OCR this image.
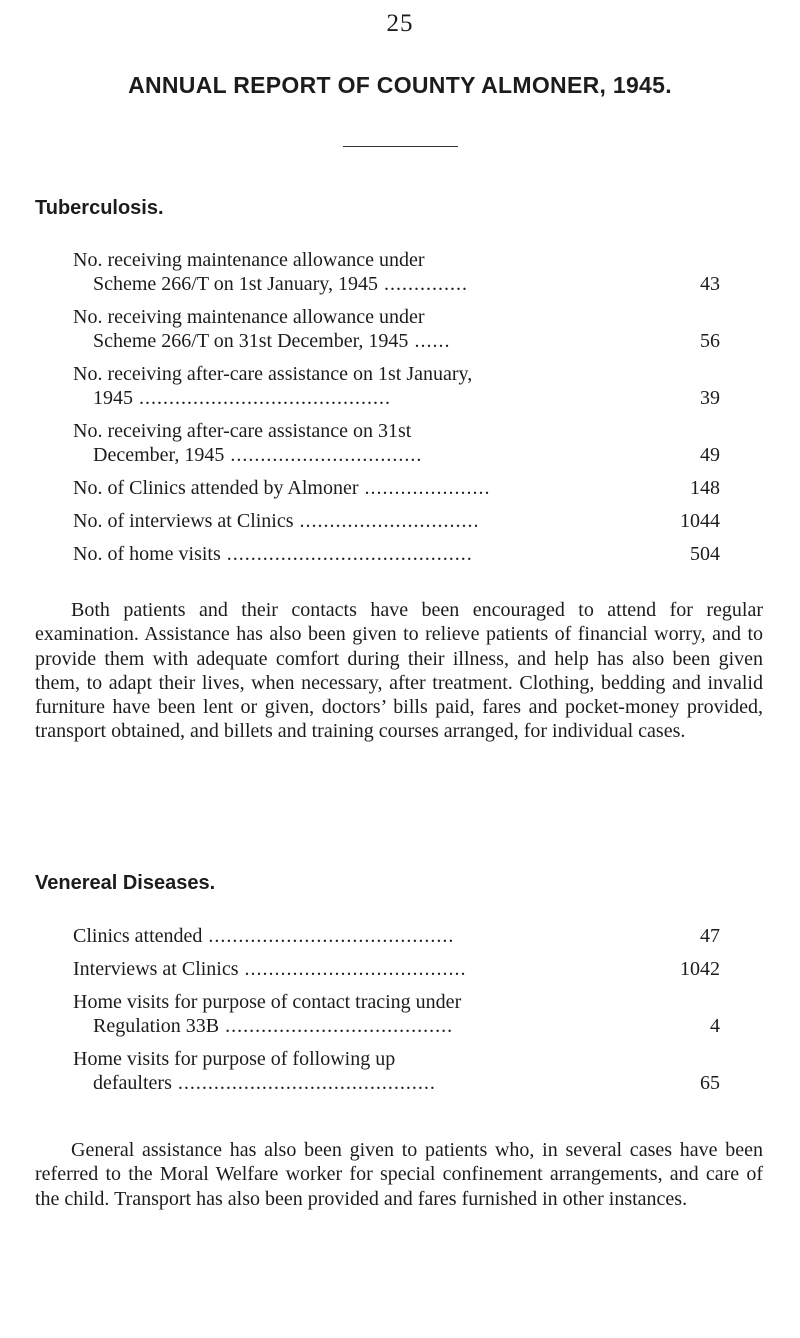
25
ANNUAL REPORT OF COUNTY ALMONER, 1945.
Tuberculosis.
No. receiving maintenance allowance under
Scheme 266/T on 1st January, 1945 ..............	43
No. receiving maintenance allowance under
Scheme 266/T on 31st December, 1945 ......	56
No. receiving after-care assistance on 1st January,
1945 ..........................................	39
No. receiving after-care assistance on 31st
December, 1945 ................................	49
No. of Clinics attended by Almoner .....................	148
No. of interviews at Clinics ..............................	1044
No. of home visits .........................................	504

Both patients and their contacts have been encouraged to attend for regular examination. Assistance has also been given to relieve patients of financial worry, and to provide them with adequate comfort during their illness, and help has also been given them, to adapt their lives, when necessary, after treatment. Clothing, bedding and invalid furniture have been lent or given, doctors’ bills paid, fares and pocket-money provided, transport obtained, and billets and training courses arranged, for individual cases.

Venereal Diseases.
Clinics attended .........................................	47
Interviews at Clinics .....................................	1042
Home visits for purpose of contact tracing under
Regulation 33B ......................................	4
Home visits for purpose of following up
defaulters ...........................................	65

General assistance has also been given to patients who, in several cases have been referred to the Moral Welfare worker for special confinement arrangements, and care of the child. Transport has also been provided and fares furnished in other instances.
